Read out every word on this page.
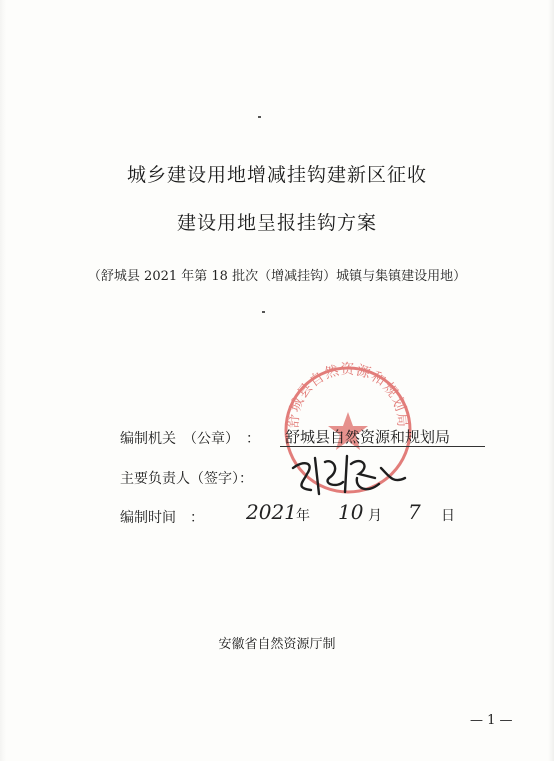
城乡建设用地增减挂钩建新区征收
建设用地呈报挂钩方案
（舒城县 2021 年第 18 批次（增减挂钩）城镇与集镇建设用地）
舒城县自然资源和规划局
编制机关　（公章）　： 舒城县自然资源和规划局
主要负责人（签字）：
编制时间　： 2021 年 10 月 7 日
安徽省自然资源厅制
— 1 —
